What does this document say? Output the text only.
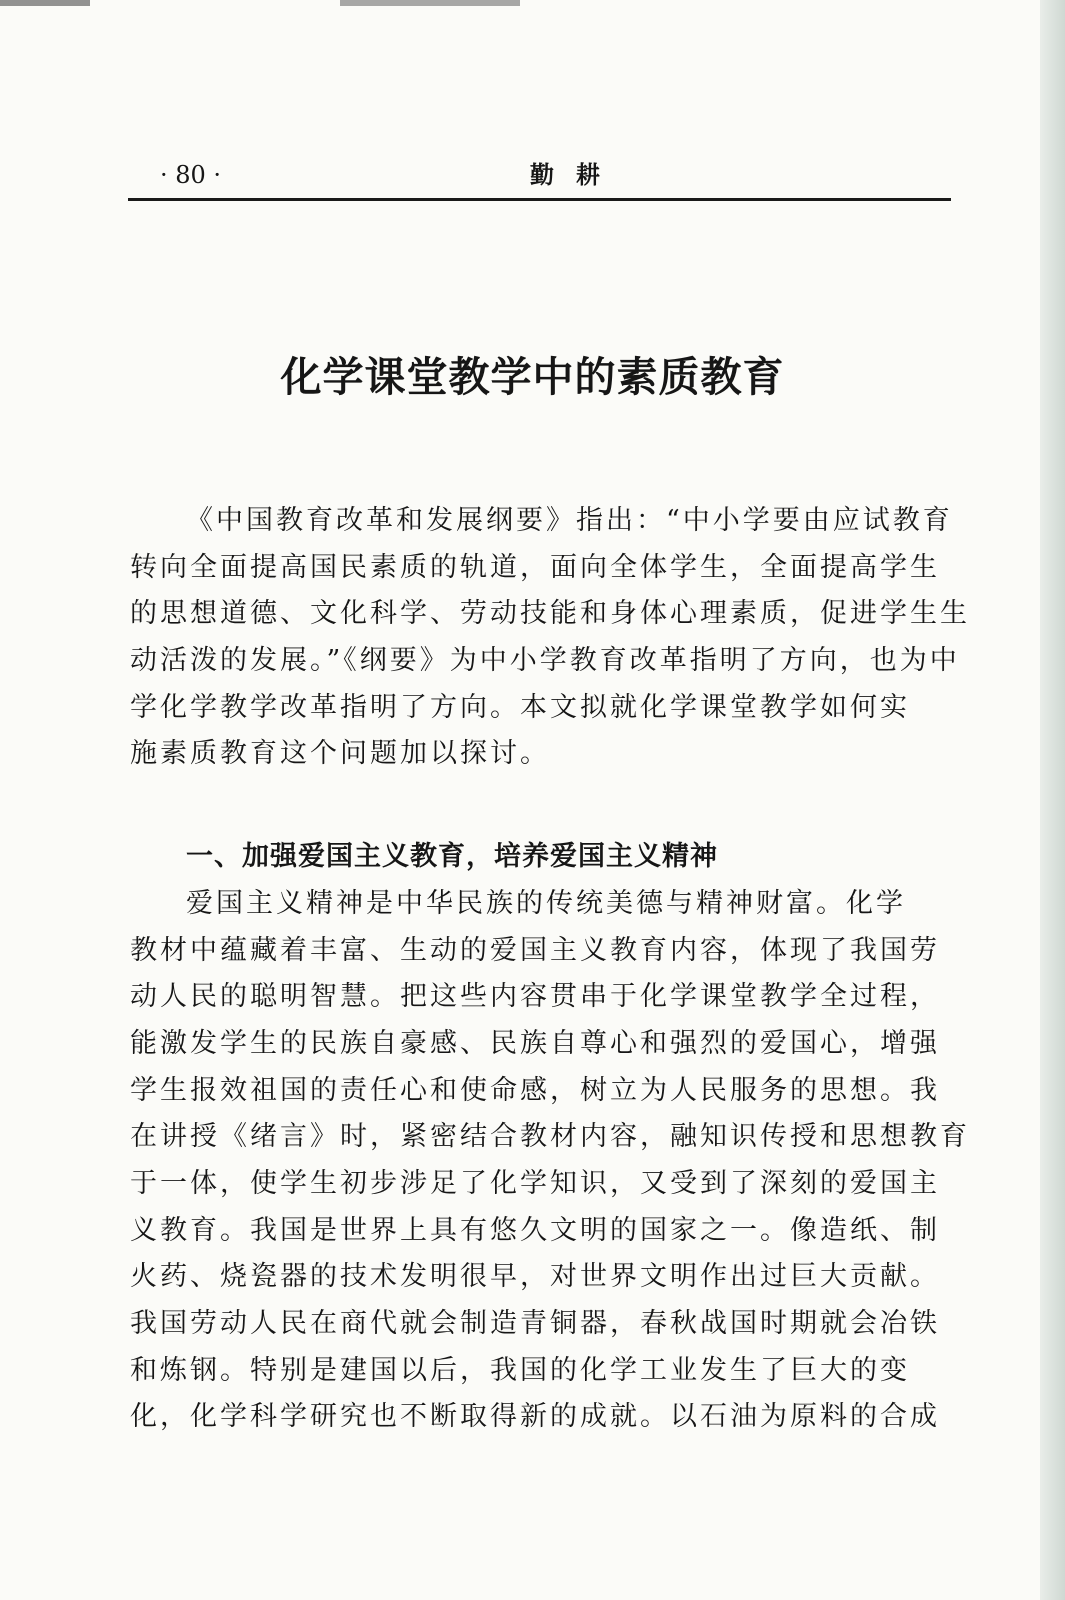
· 80 ·	勤耕
化学课堂教学中的素质教育
《中国教育改革和发展纲要》指出：“中小学要由应试教育
转向全面提高国民素质的轨道，面向全体学生，全面提高学生
的思想道德、文化科学、劳动技能和身体心理素质，促进学生生
动活泼的发展。”《纲要》为中小学教育改革指明了方向，也为中
学化学教学改革指明了方向。本文拟就化学课堂教学如何实
施素质教育这个问题加以探讨。
一、加强爱国主义教育，培养爱国主义精神
爱国主义精神是中华民族的传统美德与精神财富。化学
教材中蕴藏着丰富、生动的爱国主义教育内容，体现了我国劳
动人民的聪明智慧。把这些内容贯串于化学课堂教学全过程，
能激发学生的民族自豪感、民族自尊心和强烈的爱国心，增强
学生报效祖国的责任心和使命感，树立为人民服务的思想。我
在讲授《绪言》时，紧密结合教材内容，融知识传授和思想教育
于一体，使学生初步涉足了化学知识，又受到了深刻的爱国主
义教育。我国是世界上具有悠久文明的国家之一。像造纸、制
火药、烧瓷器的技术发明很早，对世界文明作出过巨大贡献。
我国劳动人民在商代就会制造青铜器，春秋战国时期就会冶铁
和炼钢。特别是建国以后，我国的化学工业发生了巨大的变
化，化学科学研究也不断取得新的成就。以石油为原料的合成
